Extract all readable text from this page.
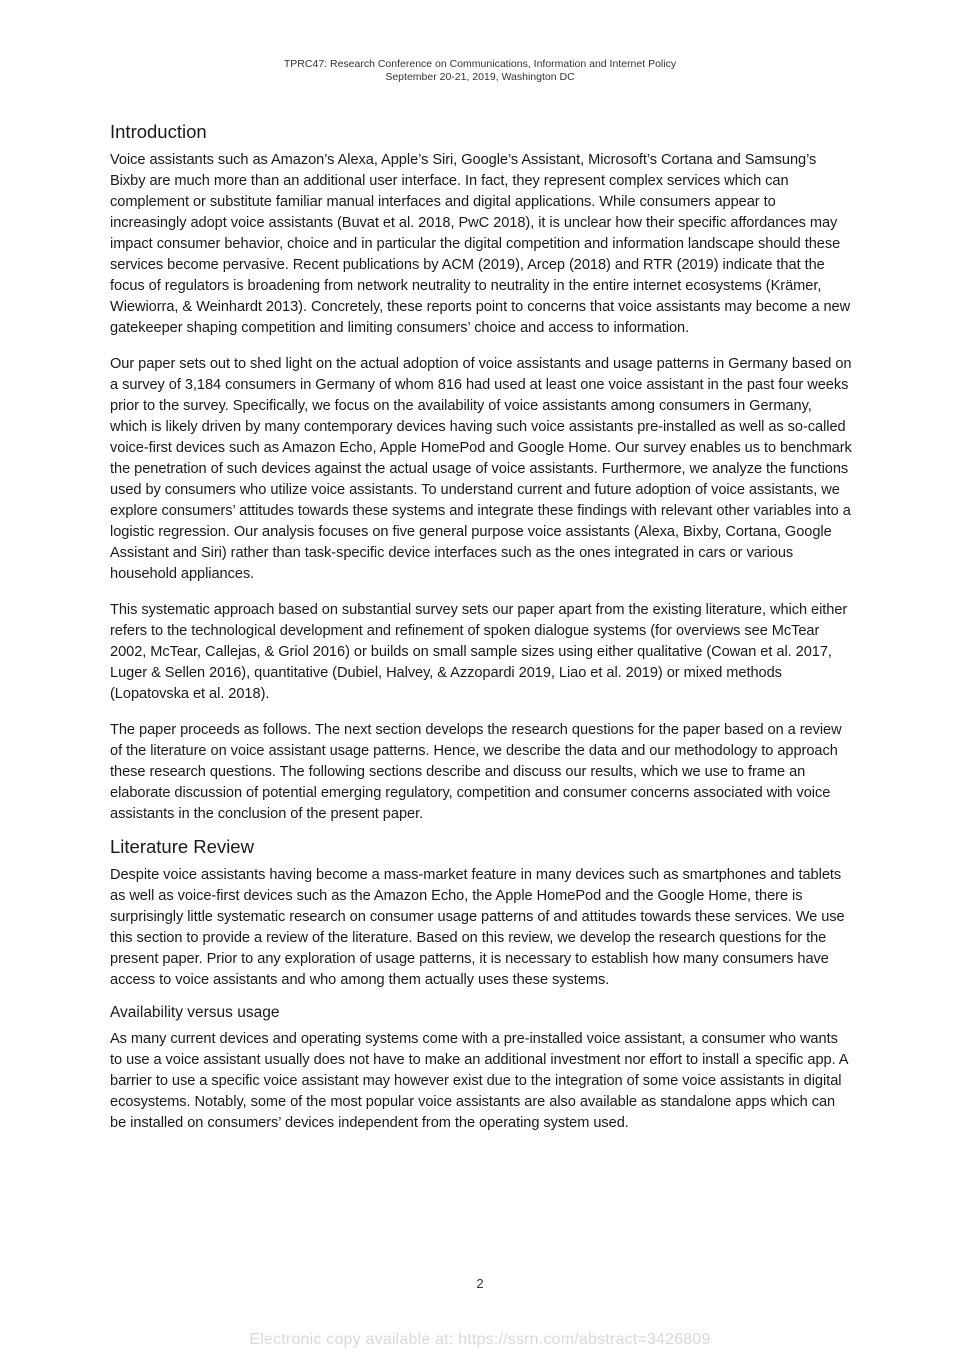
TPRC47: Research Conference on Communications, Information and Internet Policy
September 20-21, 2019, Washington DC
Introduction

Voice assistants such as Amazon’s Alexa, Apple’s Siri, Google’s Assistant, Microsoft’s Cortana and Samsung’s Bixby are much more than an additional user interface. In fact, they represent complex services which can complement or substitute familiar manual interfaces and digital applications. While consumers appear to increasingly adopt voice assistants (Buvat et al. 2018, PwC 2018), it is unclear how their specific affordances may impact consumer behavior, choice and in particular the digital competition and information landscape should these services become pervasive. Recent publications by ACM (2019), Arcep (2018) and RTR (2019) indicate that the focus of regulators is broadening from network neutrality to neutrality in the entire internet ecosystems (Krämer, Wiewiorra, & Weinhardt 2013). Concretely, these reports point to concerns that voice assistants may become a new gatekeeper shaping competition and limiting consumers’ choice and access to information.

Our paper sets out to shed light on the actual adoption of voice assistants and usage patterns in Germany based on a survey of 3,184 consumers in Germany of whom 816 had used at least one voice assistant in the past four weeks prior to the survey. Specifically, we focus on the availability of voice assistants among consumers in Germany, which is likely driven by many contemporary devices having such voice assistants pre-installed as well as so-called voice-first devices such as Amazon Echo, Apple HomePod and Google Home. Our survey enables us to benchmark the penetration of such devices against the actual usage of voice assistants. Furthermore, we analyze the functions used by consumers who utilize voice assistants. To understand current and future adoption of voice assistants, we explore consumers’ attitudes towards these systems and integrate these findings with relevant other variables into a logistic regression. Our analysis focuses on five general purpose voice assistants (Alexa, Bixby, Cortana, Google Assistant and Siri) rather than task-specific device interfaces such as the ones integrated in cars or various household appliances.

This systematic approach based on substantial survey sets our paper apart from the existing literature, which either refers to the technological development and refinement of spoken dialogue systems (for overviews see McTear 2002, McTear, Callejas, & Griol 2016) or builds on small sample sizes using either qualitative (Cowan et al. 2017, Luger & Sellen 2016), quantitative (Dubiel, Halvey, & Azzopardi 2019, Liao et al. 2019) or mixed methods (Lopatovska et al. 2018).

The paper proceeds as follows. The next section develops the research questions for the paper based on a review of the literature on voice assistant usage patterns. Hence, we describe the data and our methodology to approach these research questions. The following sections describe and discuss our results, which we use to frame an elaborate discussion of potential emerging regulatory, competition and consumer concerns associated with voice assistants in the conclusion of the present paper.

Literature Review

Despite voice assistants having become a mass-market feature in many devices such as smartphones and tablets as well as voice-first devices such as the Amazon Echo, the Apple HomePod and the Google Home, there is surprisingly little systematic research on consumer usage patterns of and attitudes towards these services. We use this section to provide a review of the literature. Based on this review, we develop the research questions for the present paper. Prior to any exploration of usage patterns, it is necessary to establish how many consumers have access to voice assistants and who among them actually uses these systems.

Availability versus usage

As many current devices and operating systems come with a pre-installed voice assistant, a consumer who wants to use a voice assistant usually does not have to make an additional investment nor effort to install a specific app. A barrier to use a specific voice assistant may however exist due to the integration of some voice assistants in digital ecosystems. Notably, some of the most popular voice assistants are also available as standalone apps which can be installed on consumers’ devices independent from the operating system used.

2
Electronic copy available at: https://ssrn.com/abstract=3426809
